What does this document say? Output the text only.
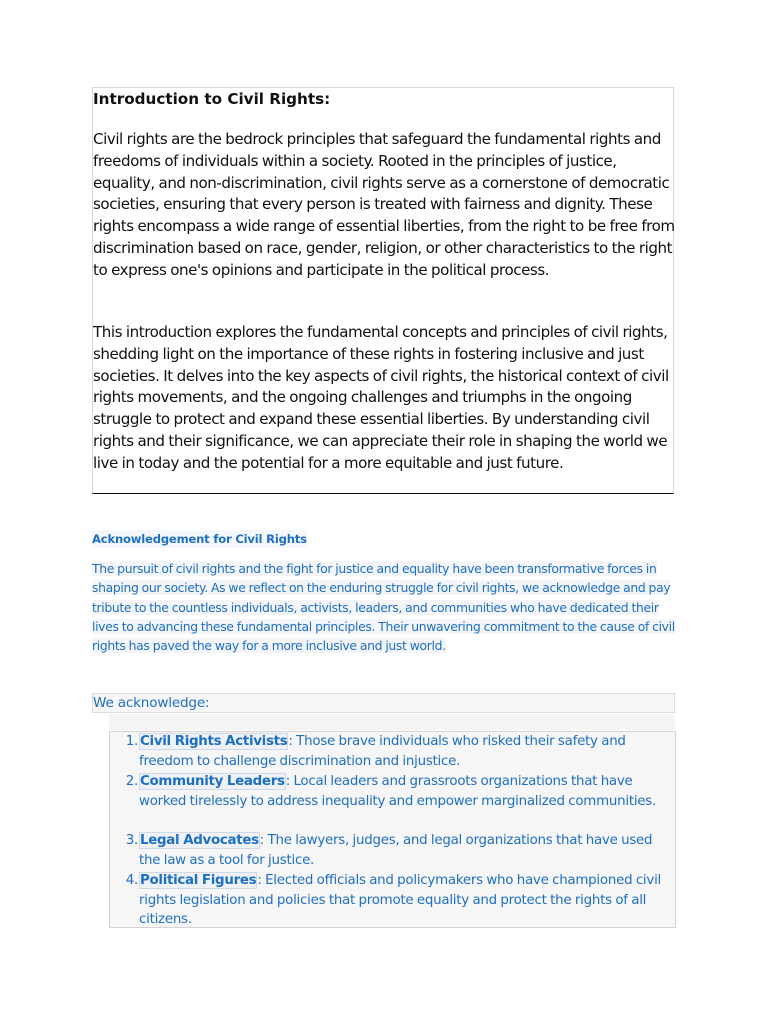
Introduction to Civil Rights:

Civil rights are the bedrock principles that safeguard the fundamental rights and freedoms of individuals within a society. Rooted in the principles of justice, equality, and non-discrimination, civil rights serve as a cornerstone of democratic societies, ensuring that every person is treated with fairness and dignity. These rights encompass a wide range of essential liberties, from the right to be free from discrimination based on race, gender, religion, or other characteristics to the right to express one's opinions and participate in the political process.

This introduction explores the fundamental concepts and principles of civil rights, shedding light on the importance of these rights in fostering inclusive and just societies. It delves into the key aspects of civil rights, the historical context of civil rights movements, and the ongoing challenges and triumphs in the ongoing struggle to protect and expand these essential liberties. By understanding civil rights and their significance, we can appreciate their role in shaping the world we live in today and the potential for a more equitable and just future.

Acknowledgement for Civil Rights

The pursuit of civil rights and the fight for justice and equality have been transformative forces in shaping our society. As we reflect on the enduring struggle for civil rights, we acknowledge and pay tribute to the countless individuals, activists, leaders, and communities who have dedicated their lives to advancing these fundamental principles. Their unwavering commitment to the cause of civil rights has paved the way for a more inclusive and just world.

We acknowledge:
1. Civil Rights Activists: Those brave individuals who risked their safety and freedom to challenge discrimination and injustice.
2. Community Leaders: Local leaders and grassroots organizations that have worked tirelessly to address inequality and empower marginalized communities.
3. Legal Advocates: The lawyers, judges, and legal organizations that have used the law as a tool for justice.
4. Political Figures: Elected officials and policymakers who have championed civil rights legislation and policies that promote equality and protect the rights of all citizens.
